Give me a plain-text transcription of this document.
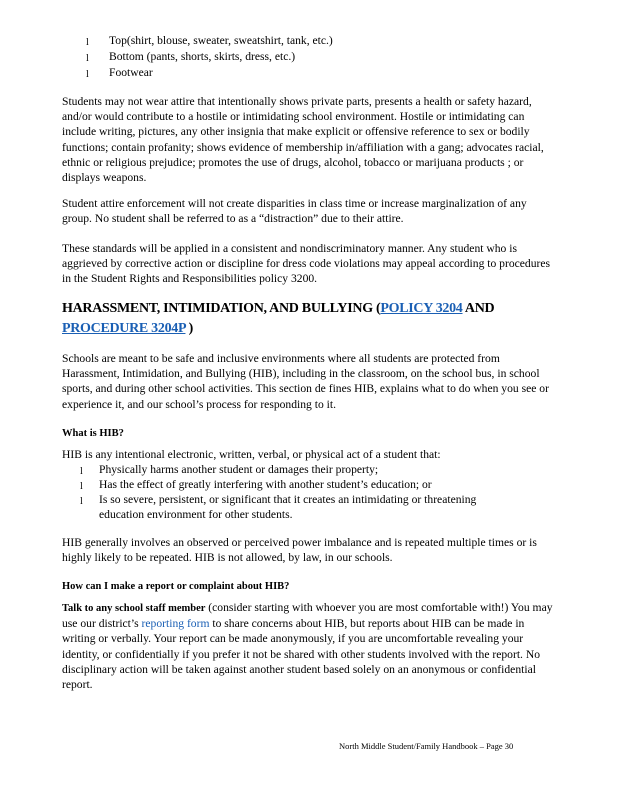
l Top(shirt, blouse, sweater, sweatshirt, tank, etc.)
l Bottom (pants, shorts, skirts, dress, etc.)
l Footwear

Students may not wear attire that intentionally shows private parts, presents a health or safety hazard, and/or would contribute to a hostile or intimidating school environment. Hostile or intimidating can include writing, pictures, any other insignia that make explicit or offensive reference to sex or bodily functions; contain profanity; shows evidence of membership in/affiliation with a gang; advocates racial, ethnic or religious prejudice; promotes the use of drugs, alcohol, tobacco or marijuana products ; or displays weapons.

Student attire enforcement will not create disparities in class time or increase marginalization of any group. No student shall be referred to as a “distraction” due to their attire.

These standards will be applied in a consistent and nondiscriminatory manner. Any student who is aggrieved by corrective action or discipline for dress code violations may appeal according to procedures in the Student Rights and Responsibilities policy 3200.

HARASSMENT, INTIMIDATION, AND BULLYING (POLICY 3204 AND
PROCEDURE 3204P )

Schools are meant to be safe and inclusive environments where all students are protected from Harassment, Intimidation, and Bullying (HIB), including in the classroom, on the school bus, in school sports, and during other school activities. This section de fines HIB, explains what to do when you see or experience it, and our school’s process for responding to it.

What is HIB?

HIB is any intentional electronic, written, verbal, or physical act of a student that:

l Physically harms another student or damages their property;
l Has the effect of greatly interfering with another student’s education; or
l Is so severe, persistent, or significant that it creates an intimidating or threatening
education environment for other students.

HIB generally involves an observed or perceived power imbalance and is repeated multiple times or is highly likely to be repeated. HIB is not allowed, by law, in our schools.

How can I make a report or complaint about HIB?

Talk to any school staff member (consider starting with whoever you are most comfortable with!) You may use our district’s reporting form to share concerns about HIB, but reports about HIB can be made in writing or verbally. Your report can be made anonymously, if you are uncomfortable revealing your identity, or confidentially if you prefer it not be shared with other students involved with the report. No disciplinary action will be taken against another student based solely on an anonymous or confidential report.

North Middle Student/Family Handbook – Page 30
